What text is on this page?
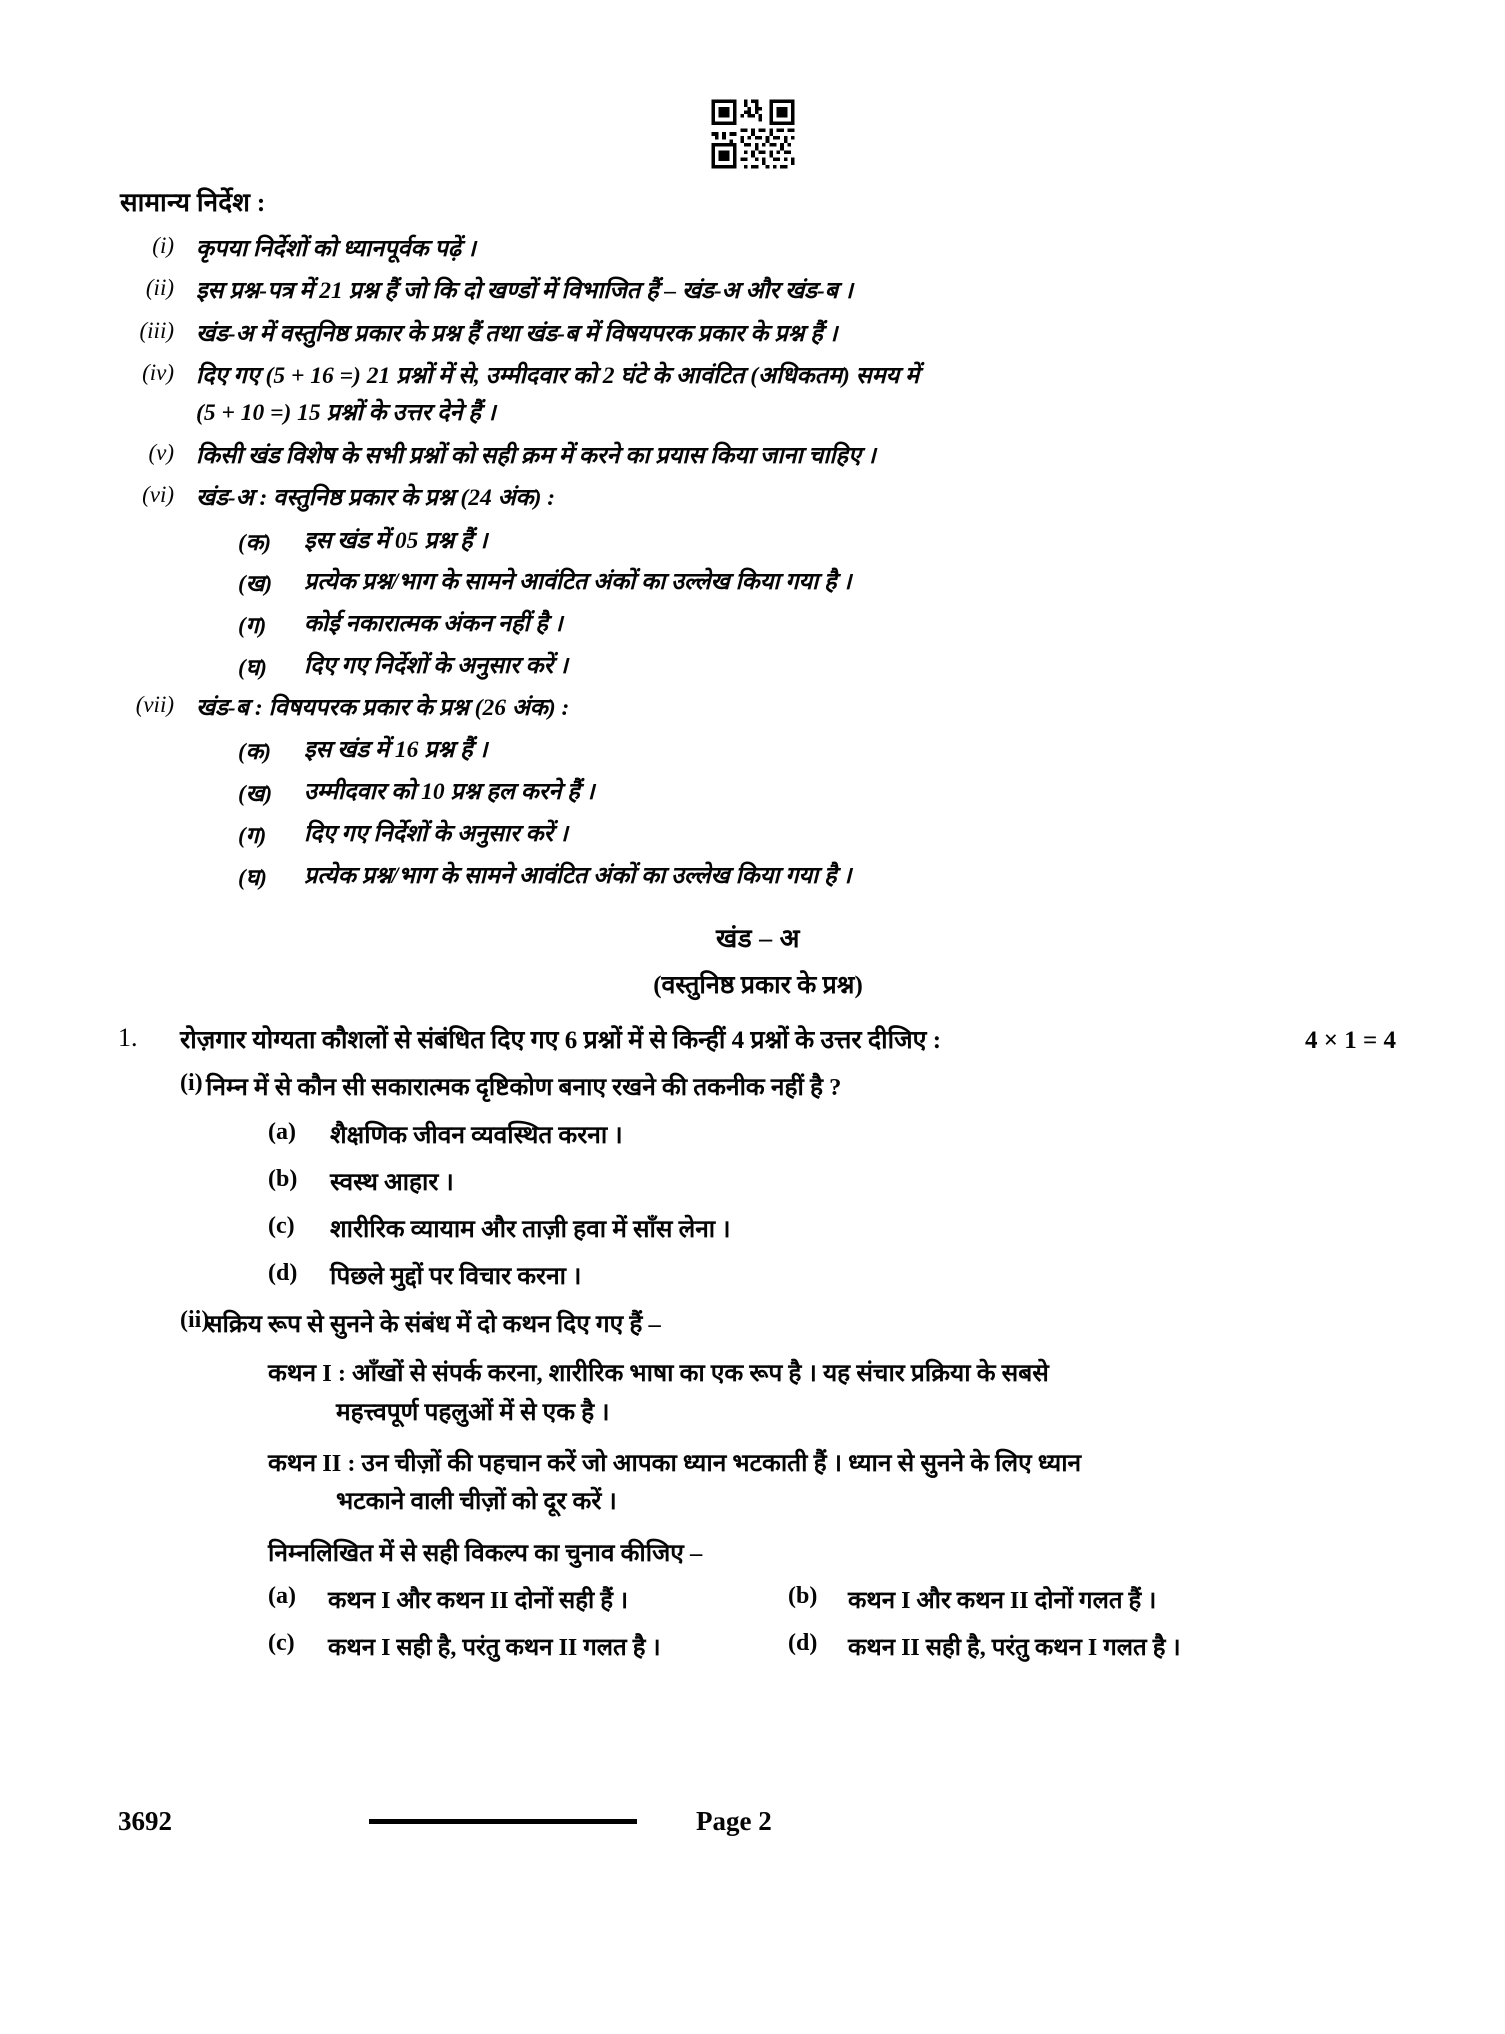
सामान्य निर्देश :
(i) कृपया निर्देशों को ध्यानपूर्वक पढ़ें ।
(ii) इस प्रश्न-पत्र में 21 प्रश्न हैं जो कि दो खण्डों में विभाजित हैं – खंड-अ और खंड-ब ।
(iii) खंड-अ में वस्तुनिष्ठ प्रकार के प्रश्न हैं तथा खंड-ब में विषयपरक प्रकार के प्रश्न हैं ।
(iv) दिए गए (5 + 16 =) 21 प्रश्नों में से, उम्मीदवार को 2 घंटे के आवंटित (अधिकतम) समय में
(5 + 10 =) 15 प्रश्नों के उत्तर देने हैं ।
(v) किसी खंड विशेष के सभी प्रश्नों को सही क्रम में करने का प्रयास किया जाना चाहिए ।
(vi) खंड-अ : वस्तुनिष्ठ प्रकार के प्रश्न (24 अंक) :
(क)	इस खंड में 05 प्रश्न हैं ।
(ख)	प्रत्येक प्रश्न/भाग के सामने आवंटित अंकों का उल्लेख किया गया है ।
(ग)	कोई नकारात्मक अंकन नहीं है ।
(घ)	दिए गए निर्देशों के अनुसार करें ।
(vii) खंड-ब : विषयपरक प्रकार के प्रश्न (26 अंक) :
(क)	इस खंड में 16 प्रश्न हैं ।
(ख)	उम्मीदवार को 10 प्रश्न हल करने हैं ।
(ग)	दिए गए निर्देशों के अनुसार करें ।
(घ)	प्रत्येक प्रश्न/भाग के सामने आवंटित अंकों का उल्लेख किया गया है ।
खंड – अ
(वस्तुनिष्ठ प्रकार के प्रश्न)
1.	रोज़गार योग्यता कौशलों से संबंधित दिए गए 6 प्रश्नों में से किन्हीं 4 प्रश्नों के उत्तर दीजिए :	4 × 1 = 4
(i) निम्न में से कौन सी सकारात्मक दृष्टिकोण बनाए रखने की तकनीक नहीं है ?
(a)	शैक्षणिक जीवन व्यवस्थित करना ।
(b)	स्वस्थ आहार ।
(c)	शारीरिक व्यायाम और ताज़ी हवा में साँस लेना ।
(d)	पिछले मुद्दों पर विचार करना ।
(ii)
सक्रिय रूप से सुनने के संबंध में दो कथन दिए गए हैं –
कथन I : आँखों से संपर्क करना, शारीरिक भाषा का एक रूप है । यह संचार प्रक्रिया के सबसे
महत्त्वपूर्ण पहलुओं में से एक है ।
कथन II : उन चीज़ों की पहचान करें जो आपका ध्यान भटकाती हैं । ध्यान से सुनने के लिए ध्यान
भटकाने वाली चीज़ों को दूर करें ।
निम्नलिखित में से सही विकल्प का चुनाव कीजिए –
(a)	कथन I और कथन II दोनों सही हैं ।	(b)	कथन I और कथन II दोनों गलत हैं ।
(c)	कथन I सही है, परंतु कथन II गलत है ।	(d)	कथन II सही है, परंतु कथन I गलत है ।
3692	Page 2
